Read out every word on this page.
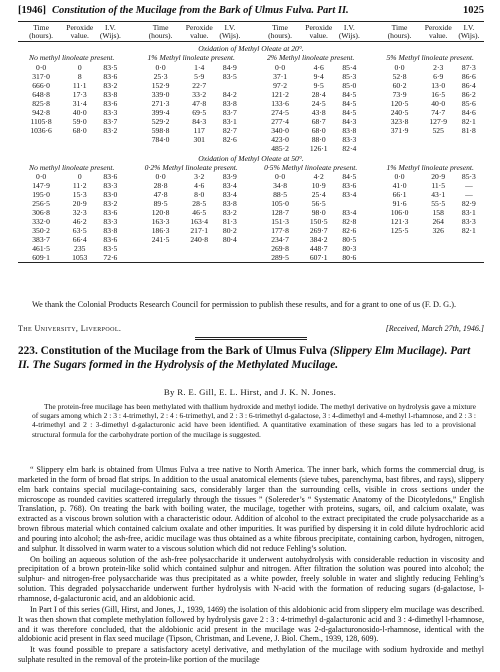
[1946] Constitution of the Mucilage from the Bark of Ulmus Fulva. Part II.	1025

Time	Peroxide	I.V.		Time	Peroxide	I.V.		Time	Peroxide	I.V.		Time	Peroxide	I.V.
(hours).	value.	(Wijs).		(hours).	value.	(Wijs).		(hours).	value.	(Wijs).		(hours).	value.	(Wijs).

Oxidation of Methyl Oleate at 20°.														
No methyl linoleate present.				1% Methyl linoleate present.				2% Methyl linoleate present.				5% Methyl linoleate present.		
0·0	0	83·5		0·0	1·4	84·9		0·0	4·6	85·4		0·0	2·3	87·3
317·0	8	83·6		25·3	5·9	83·5		37·1	9·4	85·3		52·8	6·9	86·6
666·0	11·1	83·2		152·9	22·7			97·2	9·5	85·0		60·2	13·0	86·4
648·8	17·3	83·8		339·0	33·2	84·2		121·2	28·4	84·5		73·9	16·5	86·2
825·8	31·4	83·6		271·3	47·8	83·8		133·6	24·5	84·5		120·5	40·0	85·6
942·8	40·0	83·3		399·4	69·5	83·7		274·5	43·8	84·5		240·5	74·7	84·6
1105·8	59·0	83·7		529·2	84·3	83·1		277·4	68·7	84·3		323·8	127·9	82·1
1036·6	68·0	83·2		598·8	117	82·7		340·0	68·0	83·8		371·9	525	81·8
				784·0	301	82·6		423·0	88·0	83·3				
								485·2	126·1	82·4				
Oxidation of Methyl Oleate at 50°.														
No methyl linoleate present.				0·2% Methyl linoleate present.				0·5% Methyl linoleate present.				1% Methyl linoleate present.		
0·0	0	83·6		0·0	3·2	83·9		0·0	4·2	84·5		0·0	20·9	85·3
147·9	11·2	83·3		28·8	4·6	83·4		34·8	10·9	83·6		41·0	11·5	—
195·0	15·3	83·0		47·8	8·0	83·4		88·5	25·4	83·4		66·1	43·1	—
256·5	20·9	83·2		89·5	28·5	83·8		105·0	56·5			91·6	55·5	82·9
306·8	32·3	83·6		120·8	46·5	83·2		128·7	98·0	83·4		106·0	158	83·1
332·0	46·2	83·3		163·3	163·4	81·3		151·3	150·5	82·8		121·3	264	83·3
350·2	63·5	83·8		186·3	217·1	80·2		177·8	269·7	82·6		125·5	326	82·1
383·7	66·4	83·6		241·5	240·8	80·4		234·7	384·2	80·5				
461·5	235	83·5						269·8	448·7	80·3				
609·1	1053	72·6						289·5	607·1	80·6				

We thank the Colonial Products Research Council for permission to publish these results, and for a grant to one of us (F. D. G.).
The University, Liverpool.	[Received, March 27th, 1946.]
223. Constitution of the Mucilage from the Bark of Ulmus Fulva (Slippery Elm Mucilage). Part II. The Sugars formed in the Hydrolysis of the Methylated Mucilage.
By R. E. Gill, E. L. Hirst, and J. K. N. Jones.
The protein-free mucilage has been methylated with thallium hydroxide and methyl iodide. The methyl derivative on hydrolysis gave a mixture of sugars among which 2 : 3 : 4-trimethyl, 2 : 4 : 6-trimethyl, and 2 : 3 : 6-trimethyl d-galactose, 3 : 4-dimethyl and 4-methyl l-rhamnose, and 2 : 3 : 4-trimethyl and 2 : 3-dimethyl d-galacturonic acid have been identified. A quantitative examination of these sugars has led to a provisional structural formula for the carbohydrate portion of the mucilage is suggested.

“ Slippery elm bark is obtained from Ulmus Fulva a tree native to North America. The inner bark, which forms the commercial drug, is marketed in the form of broad flat strips. In addition to the usual anatomical elements (sieve tubes, parenchyma, bast fibres, and rays), slippery elm bark contains special mucilage-containing sacs, considerably larger than the surrounding cells, visible in cross sections under the microscope as rounded cavities scattered irregularly through the tissues ” (Solereder’s “ Systematic Anatomy of the Dicotyledons,” English Translation, p. 768). On treating the bark with boiling water, the mucilage, together with proteins, sugars, oil, and calcium oxalate, was extracted as a viscous brown solution with a characteristic odour. Addition of alcohol to the extract precipitated the crude polysaccharide as a brown fibrous material which contained calcium oxalate and other impurities. It was purified by dispersing it in cold dilute hydrochloric acid and pouring into alcohol; the ash-free, acidic mucilage was thus obtained as a white fibrous precipitate, containing carbon, hydrogen, nitrogen, and sulphur. It dissolved in warm water to a viscous solution which did not reduce Fehling’s solution.

On boiling an aqueous solution of the ash-free polysaccharide it underwent autohydrolysis with considerable reduction in viscosity and precipitation of a brown protein-like solid which contained sulphur and nitrogen. After filtration the solution was poured into alcohol; the sulphur- and nitrogen-free polysaccharide was thus precipitated as a white powder, freely soluble in water and slightly reducing Fehling’s solution. This degraded polysaccharide underwent further hydrolysis with N-acid with the formation of reducing sugars (d-galactose, l-rhamnose, d-galacturonic acid, and an aldobionic acid.

In Part I of this series (Gill, Hirst, and Jones, J., 1939, 1469) the isolation of this aldobionic acid from slippery elm mucilage was described. It was then shown that complete methylation followed by hydrolysis gave 2 : 3 : 4-trimethyl d-galacturonic acid and 3 : 4-dimethyl l-rhamnose, and it was therefore concluded, that the aldobionic acid present in the mucilage was 2-d-galacturonosido-l-rhamnose, identical with the aldobionic acid present in flax seed mucilage (Tipson, Christman, and Levene, J. Biol. Chem., 1939, 128, 609).

It was found possible to prepare a satisfactory acetyl derivative, and methylation of the mucilage with sodium hydroxide and methyl sulphate resulted in the removal of the protein-like portion of the mucilage
